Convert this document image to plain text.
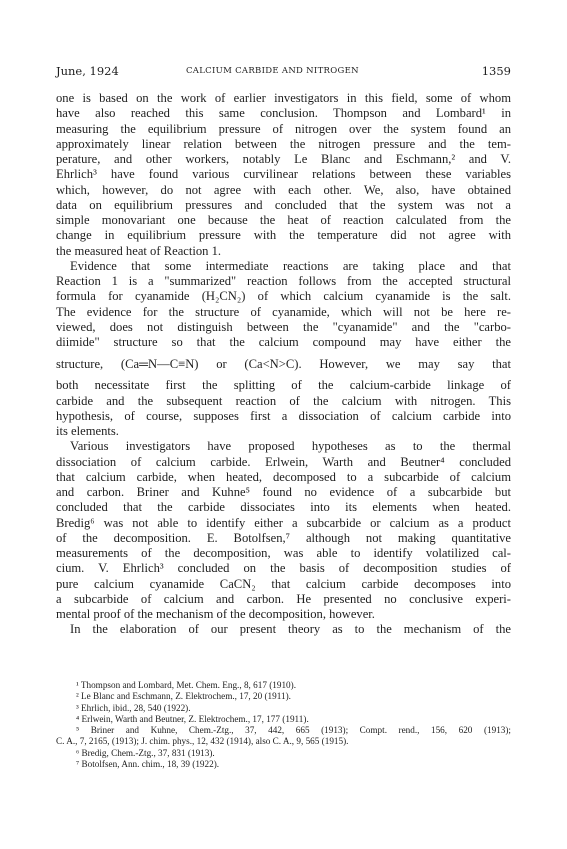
June, 1924	CALCIUM CARBIDE AND NITROGEN	1359
one is based on the work of earlier investigators in this field, some of whom
have also reached this same conclusion. Thompson and Lombard¹ in
measuring the equilibrium pressure of nitrogen over the system found an
approximately linear relation between the nitrogen pressure and the tem-
perature, and other workers, notably Le Blanc and Eschmann,² and V.
Ehrlich³ have found various curvilinear relations between these variables
which, however, do not agree with each other. We, also, have obtained
data on equilibrium pressures and concluded that the system was not a
simple monovariant one because the heat of reaction calculated from the
change in equilibrium pressure with the temperature did not agree with
the measured heat of Reaction 1.
Evidence that some intermediate reactions are taking place and that
Reaction 1 is a "summarized" reaction follows from the accepted structural
formula for cyanamide (H₂CN₂) of which calcium cyanamide is the salt.
The evidence for the structure of cyanamide, which will not be here re-
viewed, does not distinguish between the "cyanamide" and the "carbo-
diimide" structure so that the calcium compound may have either the
structure, (Ca═N—C≡N) or (Ca<N>C). However, we may say that
both necessitate first the splitting of the calcium-carbide linkage of
carbide and the subsequent reaction of the calcium with nitrogen. This
hypothesis, of course, supposes first a dissociation of calcium carbide into
its elements.
Various investigators have proposed hypotheses as to the thermal
dissociation of calcium carbide. Erlwein, Warth and Beutner⁴ concluded
that calcium carbide, when heated, decomposed to a subcarbide of calcium
and carbon. Briner and Kuhne⁵ found no evidence of a subcarbide but
concluded that the carbide dissociates into its elements when heated.
Bredig⁶ was not able to identify either a subcarbide or calcium as a product
of the decomposition. E. Botolfsen,⁷ although not making quantitative
measurements of the decomposition, was able to identify volatilized cal-
cium. V. Ehrlich³ concluded on the basis of decomposition studies of
pure calcium cyanamide CaCN₂ that calcium carbide decomposes into
a subcarbide of calcium and carbon. He presented no conclusive experi-
mental proof of the mechanism of the decomposition, however.
In the elaboration of our present theory as to the mechanism of the
¹ Thompson and Lombard, Met. Chem. Eng., 8, 617 (1910).
² Le Blanc and Eschmann, Z. Elektrochem., 17, 20 (1911).
³ Ehrlich, ibid., 28, 540 (1922).
⁴ Erlwein, Warth and Beutner, Z. Elektrochem., 17, 177 (1911).
⁵ Briner and Kuhne, Chem.-Ztg., 37, 442, 665 (1913); Compt. rend., 156, 620 (1913);
C. A., 7, 2165, (1913); J. chim. phys., 12, 432 (1914), also C. A., 9, 565 (1915).
⁶ Bredig, Chem.-Ztg., 37, 831 (1913).
⁷ Botolfsen, Ann. chim., 18, 39 (1922).
